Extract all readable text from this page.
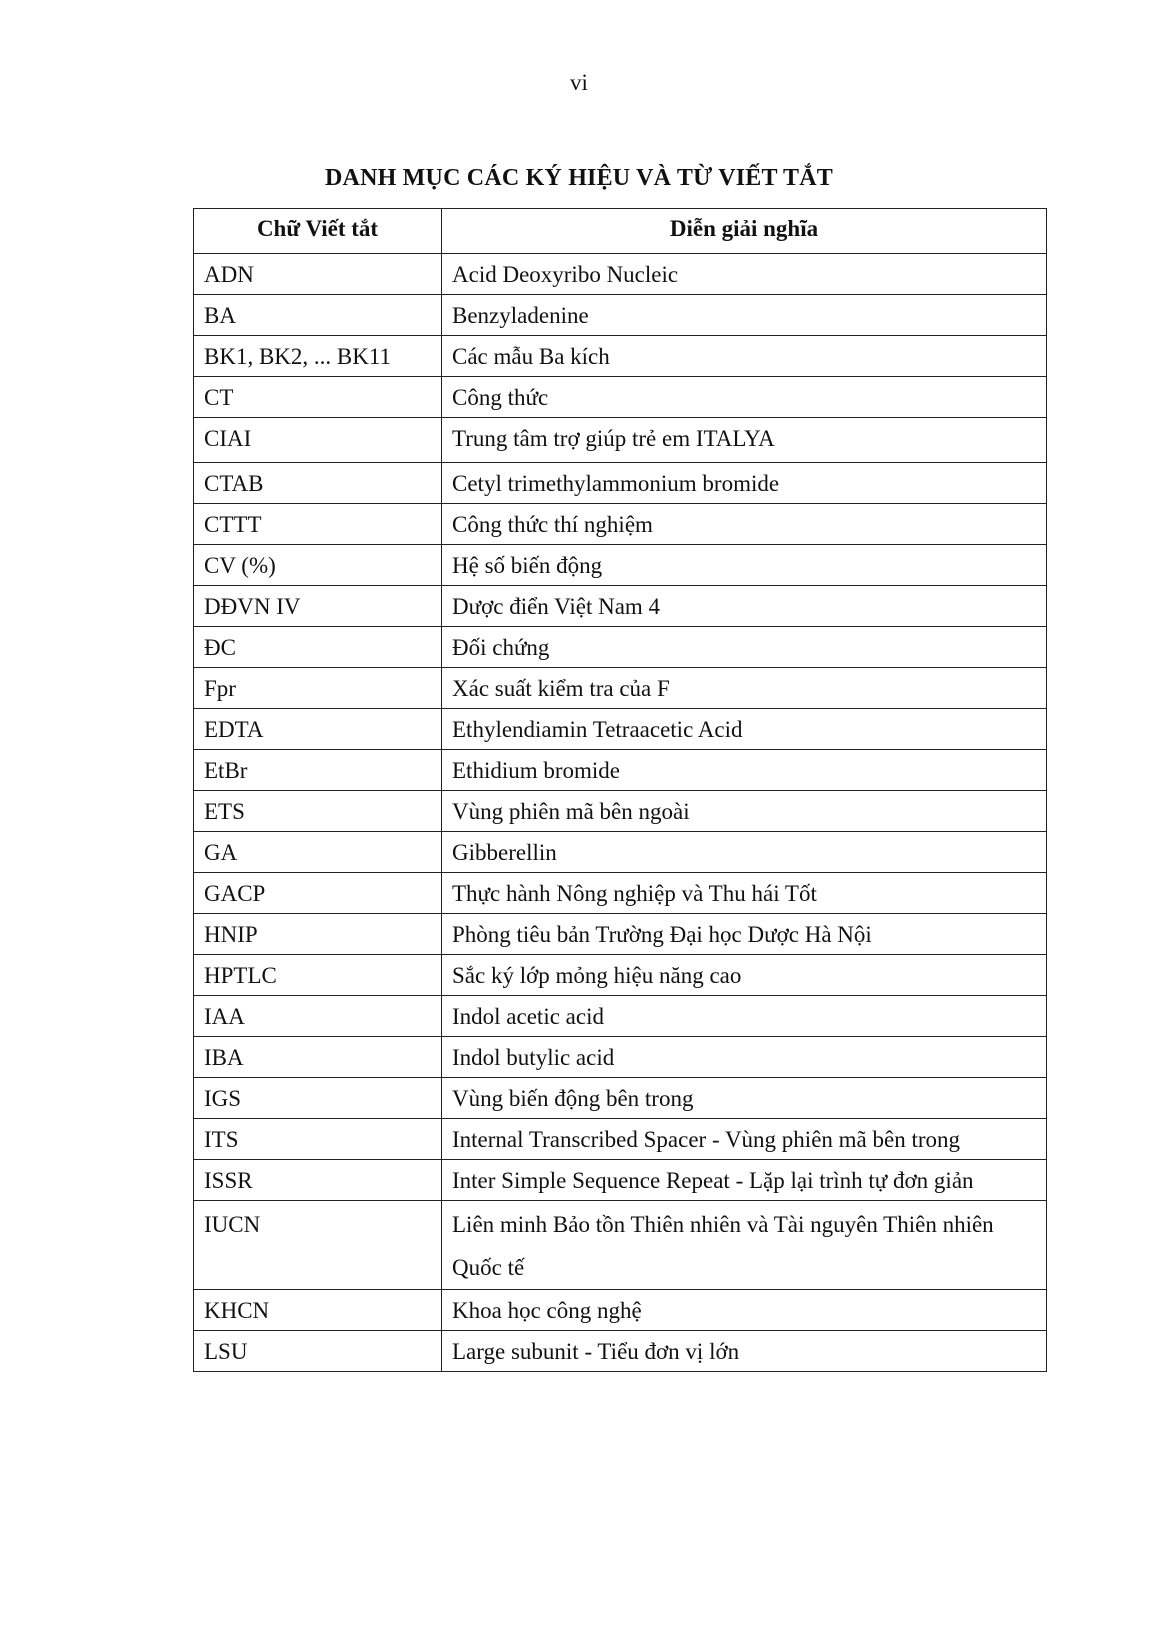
vi
DANH MỤC CÁC KÝ HIỆU VÀ TỪ VIẾT TẮT
Chữ Viết tắt	Diễn giải nghĩa
ADN	Acid Deoxyribo Nucleic
BA	Benzyladenine
BK1, BK2, ... BK11	Các mẫu Ba kích
CT	Công thức
CIAI	Trung tâm trợ giúp trẻ em ITALYA
CTAB	Cetyl trimethylammonium bromide
CTTT	Công thức thí nghiệm
CV (%)	Hệ số biến động
DĐVN IV	Dược điển Việt Nam 4
ĐC	Đối chứng
Fpr	Xác suất kiểm tra của F
EDTA	Ethylendiamin Tetraacetic Acid
EtBr	Ethidium bromide
ETS	Vùng phiên mã bên ngoài
GA	Gibberellin
GACP	Thực hành Nông nghiệp và Thu hái Tốt
HNIP	Phòng tiêu bản Trường Đại học Dược Hà Nội
HPTLC	Sắc ký lớp mỏng hiệu năng cao
IAA	Indol acetic acid
IBA	Indol butylic acid
IGS	Vùng biến động bên trong
ITS	Internal Transcribed Spacer - Vùng phiên mã bên trong
ISSR	Inter Simple Sequence Repeat - Lặp lại trình tự đơn giản
IUCN	Liên minh Bảo tồn Thiên nhiên và Tài nguyên Thiên nhiên Quốc tế
KHCN	Khoa học công nghệ
LSU	Large subunit - Tiểu đơn vị lớn
